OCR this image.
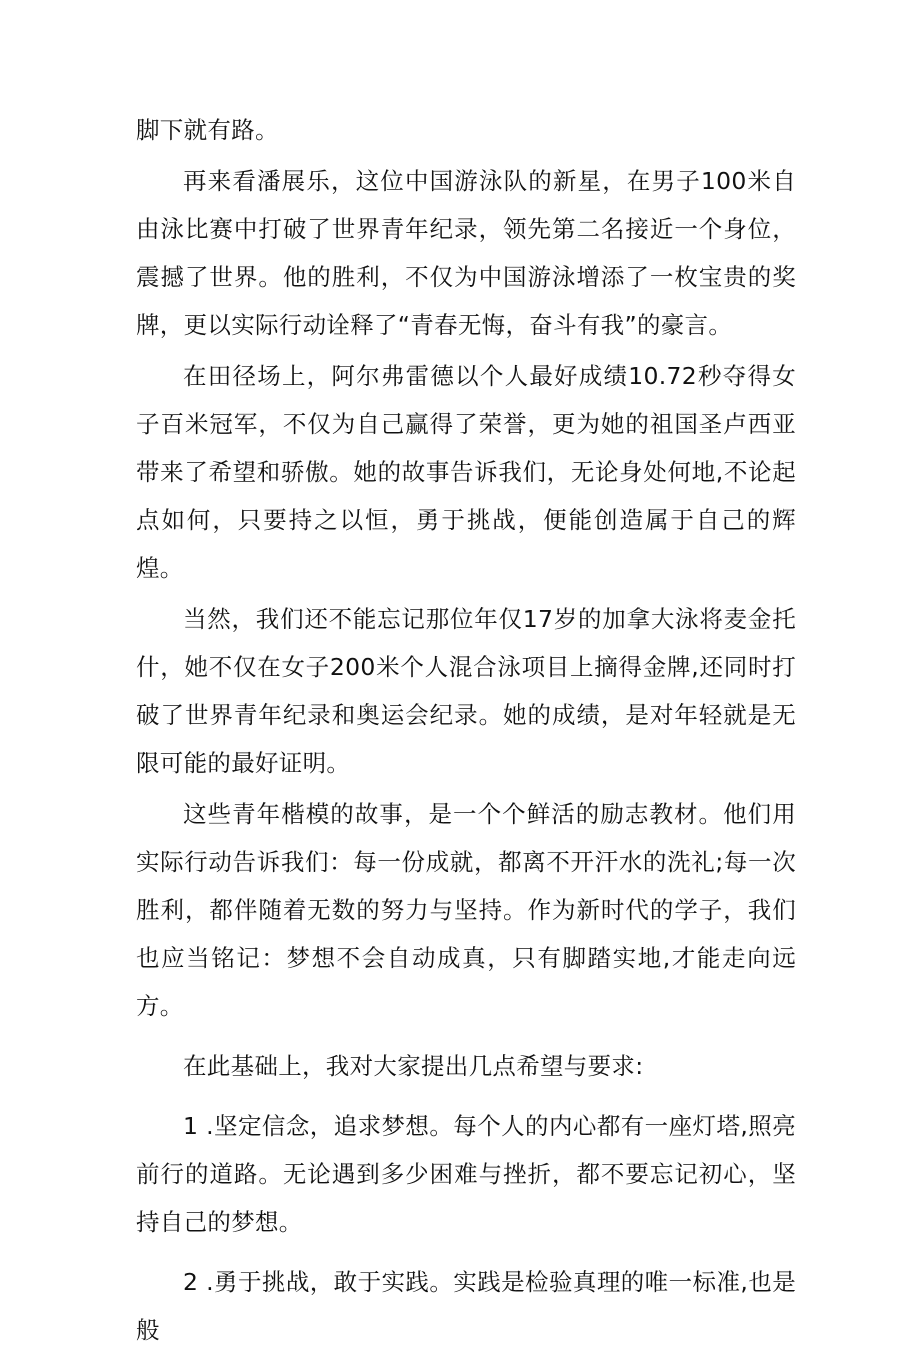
脚下就有路。

再来看潘展乐，这位中国游泳队的新星，在男子100米自由泳比赛中打破了世界青年纪录，领先第二名接近一个身位，震撼了世界。他的胜利，不仅为中国游泳增添了一枚宝贵的奖牌，更以实际行动诠释了“青春无悔，奋斗有我”的豪言。

在田径场上，阿尔弗雷德以个人最好成绩10.72秒夺得女子百米冠军，不仅为自己赢得了荣誉，更为她的祖国圣卢西亚带来了希望和骄傲。她的故事告诉我们，无论身处何地,不论起点如何，只要持之以恒，勇于挑战，便能创造属于自己的辉煌。

当然，我们还不能忘记那位年仅17岁的加拿大泳将麦金托什，她不仅在女子200米个人混合泳项目上摘得金牌,还同时打破了世界青年纪录和奥运会纪录。她的成绩，是对年轻就是无限可能的最好证明。

这些青年楷模的故事，是一个个鲜活的励志教材。他们用实际行动告诉我们：每一份成就，都离不开汗水的洗礼;每一次胜利，都伴随着无数的努力与坚持。作为新时代的学子，我们也应当铭记：梦想不会自动成真，只有脚踏实地,才能走向远方。

在此基础上，我对大家提出几点希望与要求:

1 .坚定信念，追求梦想。每个人的内心都有一座灯塔,照亮前行的道路。无论遇到多少困难与挫折，都不要忘记初心，坚持自己的梦想。

2 .勇于挑战，敢于实践。实践是检验真理的唯一标准,也是般
